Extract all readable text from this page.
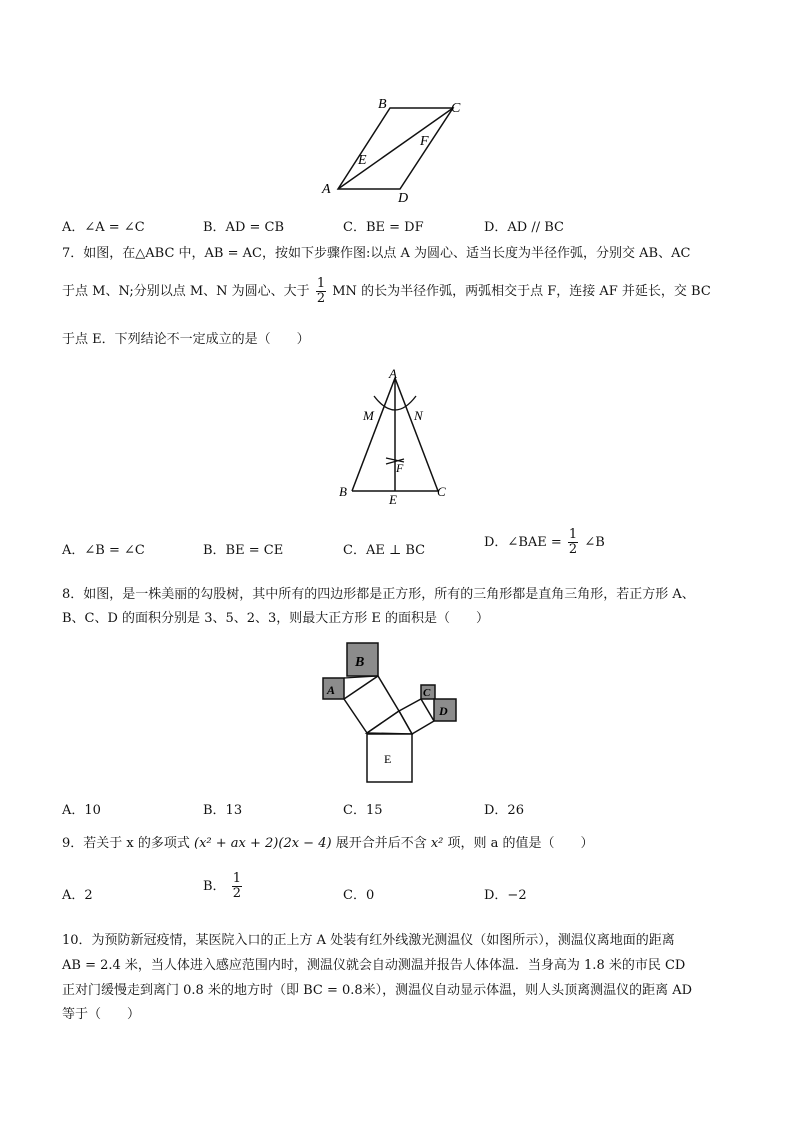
B	C
E
F
A
D
A．∠A = ∠C	B．AD = CB	C．BE = DF	D．AD // BC
7．如图，在△ABC 中，AB = AC，按如下步骤作图:以点 A 为圆心、适当长度为半径作弧，分别交 AB、AC
于点 M、N;分别以点 M、N 为圆心、大于 $\frac{1}{2}$ MN 的长为半径作弧，两弧相交于点 F，连接 AF 并延长，交 BC
于点 E．下列结论不一定成立的是（　　）
A
M	N
F
B
E
C
A．∠B = ∠C	B．BE = CE	C．AE ⊥ BC
D．∠BAE = $\frac{1}{2}$ ∠B
8．如图，是一株美丽的勾股树，其中所有的四边形都是正方形，所有的三角形都是直角三角形，若正方形 A、
B、C、D 的面积分别是 3、5、2、3，则最大正方形 E 的面积是（　　）
B
A	C
D
E
A．10	B．13	C．15	D．26
9．若关于 x 的多项式 (x² + ax + 2)(2x − 4) 展开合并后不含 x² 项，则 a 的值是（　　）
A．2
B． $\frac{1}{2}$	C．0	D．−2
10．为预防新冠疫情，某医院入口的正上方 A 处装有红外线激光测温仪（如图所示），测温仪离地面的距离
AB = 2.4 米，当人体进入感应范围内时，测温仪就会自动测温并报告人体体温．当身高为 1.8 米的市民 CD
正对门缓慢走到离门 0.8 米的地方时（即 BC = 0.8米），测温仪自动显示体温，则人头顶离测温仪的距离 AD
等于（　　）
